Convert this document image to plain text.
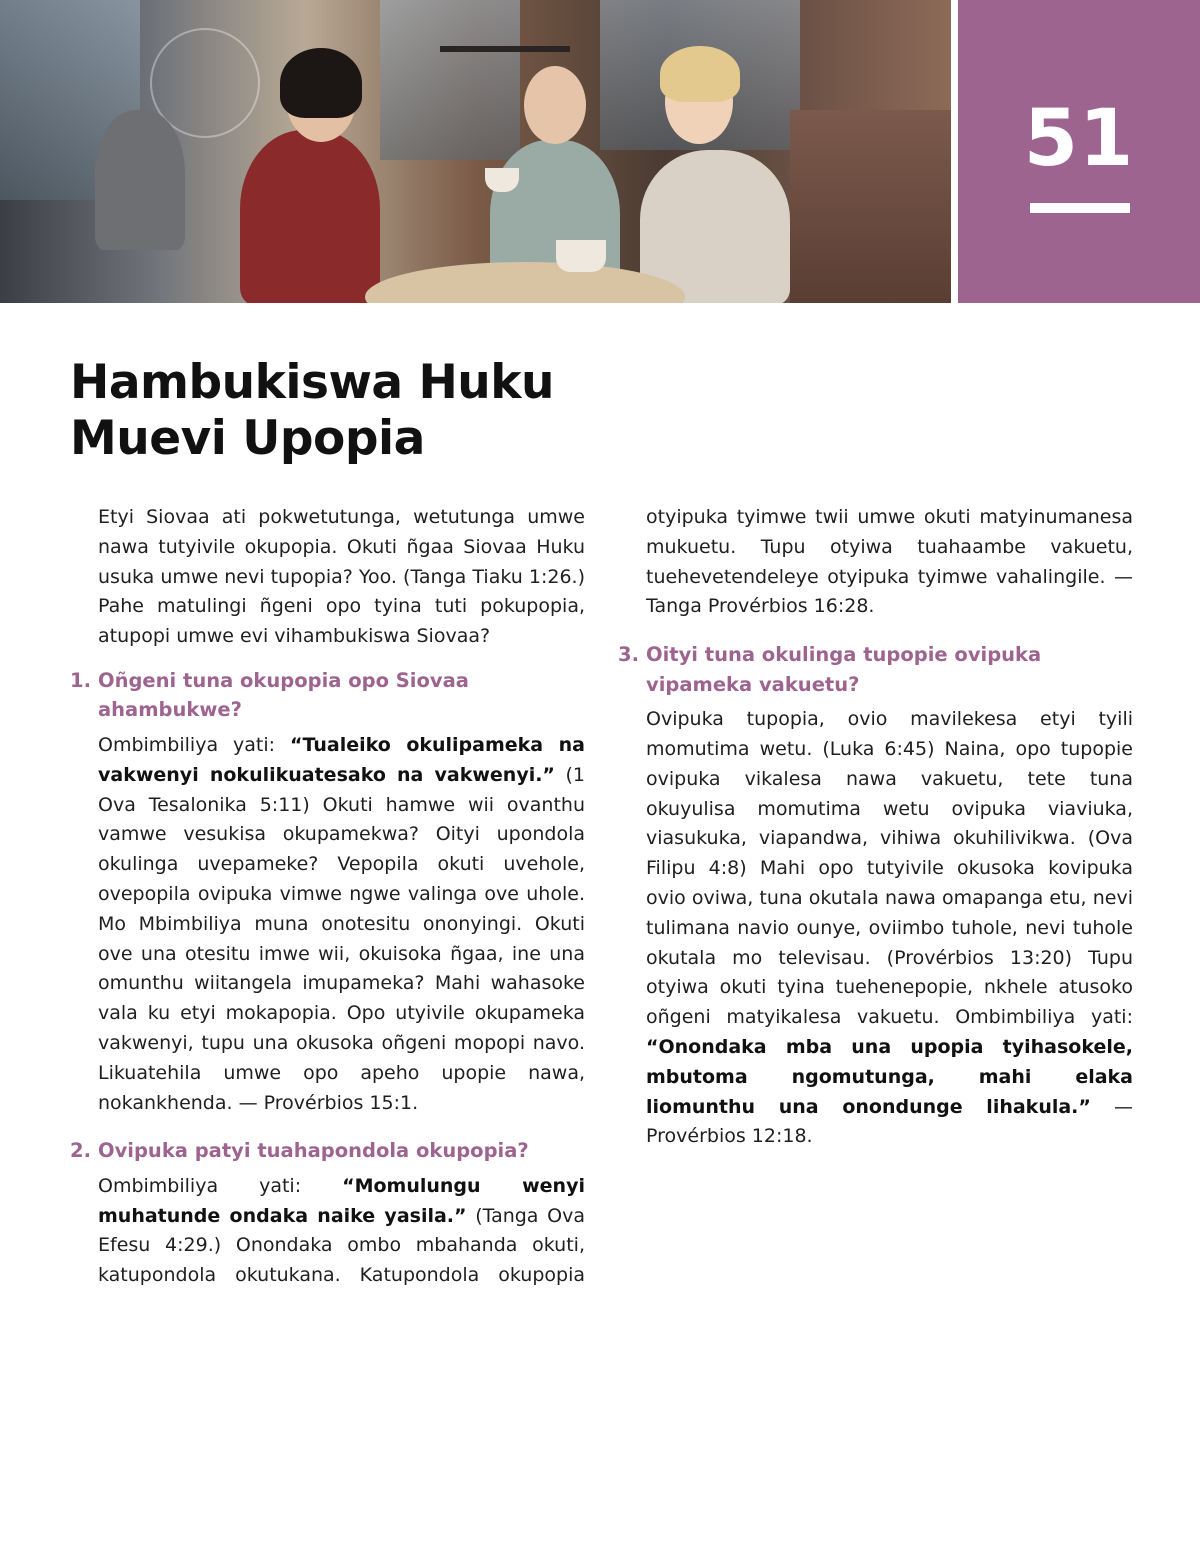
51
Hambukiswa Huku
Muevi Upopia

Etyi Siovaa ati pokwetutunga, wetutunga umwe nawa tutyivile okupopia. Okuti ñgaa Siovaa Huku usuka umwe nevi tupopia? Yoo. (Tanga Tiaku 1:26.) Pahe matulingi ñgeni opo tyina tuti pokupopia, atupopi umwe evi vihambukiswa Siovaa?

1. Oñgeni tuna okupopia opo Siovaa ahambukwe?

Ombimbiliya yati: “Tualeiko okulipameka na vakwenyi nokulikuatesako na vakwenyi.” (1 Ova Tesalonika 5:11) Okuti hamwe wii ovanthu vamwe vesukisa okupamekwa? Oityi upondola okulinga uvepameke? Vepopila okuti uvehole, ovepopila ovipuka vimwe ngwe valinga ove uhole. Mo Mbimbiliya muna onotesitu ononyingi. Okuti ove una otesitu imwe wii, okuisoka ñgaa, ine una omunthu wiitangela imupameka? Mahi wahasoke vala ku etyi mokapopia. Opo utyivile okupameka vakwenyi, tupu una okusoka oñgeni mopopi navo. Likuatehila umwe opo apeho upopie nawa, nokankhenda. — Provérbios 15:1.

2. Ovipuka patyi tuahapondola okupopia?

Ombimbiliya yati: “Momulungu wenyi muhatunde ondaka naike yasila.” (Tanga Ova Efesu 4:29.) Onondaka ombo mbahanda okuti, katupondola okutukana. Katupondola okupopia

otyipuka tyimwe twii umwe okuti matyinumanesa mukuetu. Tupu otyiwa tuahaambe vakuetu, tuehevetendeleye otyipuka tyimwe vahalingile. — Tanga Provérbios 16:28.

3. Oityi tuna okulinga tupopie ovipuka vipameka vakuetu?

Ovipuka tupopia, ovio mavilekesa etyi tyili momutima wetu. (Luka 6:45) Naina, opo tupopie ovipuka vikalesa nawa vakuetu, tete tuna okuyulisa momutima wetu ovipuka viaviuka, viasukuka, viapandwa, vihiwa okuhilivikwa. (Ova Filipu 4:8) Mahi opo tutyivile okusoka kovipuka ovio oviwa, tuna okutala nawa omapanga etu, nevi tulimana navio ounye, oviimbo tuhole, nevi tuhole okutala mo televisau. (Provérbios 13:20) Tupu otyiwa okuti tyina tuehenepopie, nkhele atusoko oñgeni matyikalesa vakuetu. Ombimbiliya yati: “Onondaka mba una upopia tyihasokele, mbutoma ngomutunga, mahi elaka liomunthu una onondunge lihakula.” — Provérbios 12:18.
